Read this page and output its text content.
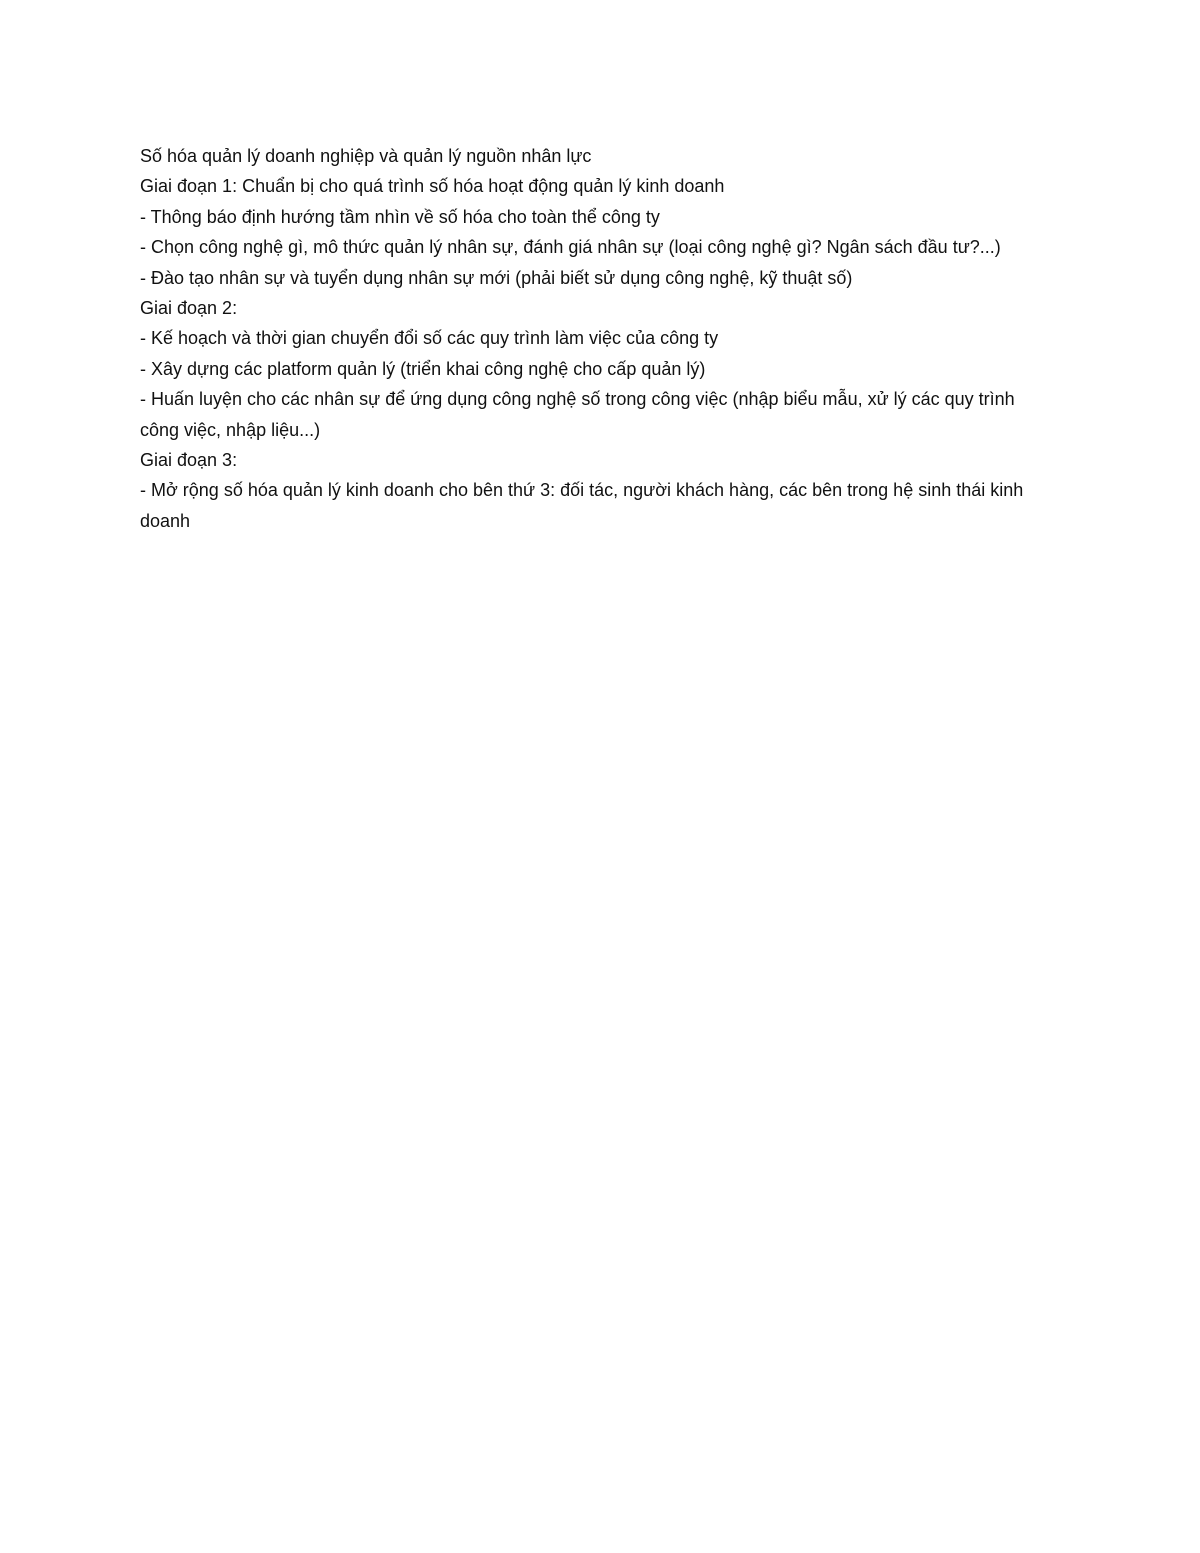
Số hóa quản lý doanh nghiệp và quản lý nguồn nhân lực

Giai đoạn 1: Chuẩn bị cho quá trình số hóa hoạt động quản lý kinh doanh

- Thông báo định hướng tầm nhìn về số hóa cho toàn thể công ty

- Chọn công nghệ gì, mô thức quản lý nhân sự, đánh giá nhân sự (loại công nghệ gì? Ngân sách đầu tư?...)

- Đào tạo nhân sự và tuyển dụng nhân sự mới (phải biết sử dụng công nghệ, kỹ thuật số)

Giai đoạn 2:

- Kế hoạch và thời gian chuyển đổi số các quy trình làm việc của công ty

- Xây dựng các platform quản lý (triển khai công nghệ cho cấp quản lý)

- Huấn luyện cho các nhân sự để ứng dụng công nghệ số trong công việc (nhập biểu mẫu, xử lý các quy trình công việc, nhập liệu...)

Giai đoạn 3:

- Mở rộng số hóa quản lý kinh doanh cho bên thứ 3: đối tác, người khách hàng, các bên trong hệ sinh thái kinh doanh
